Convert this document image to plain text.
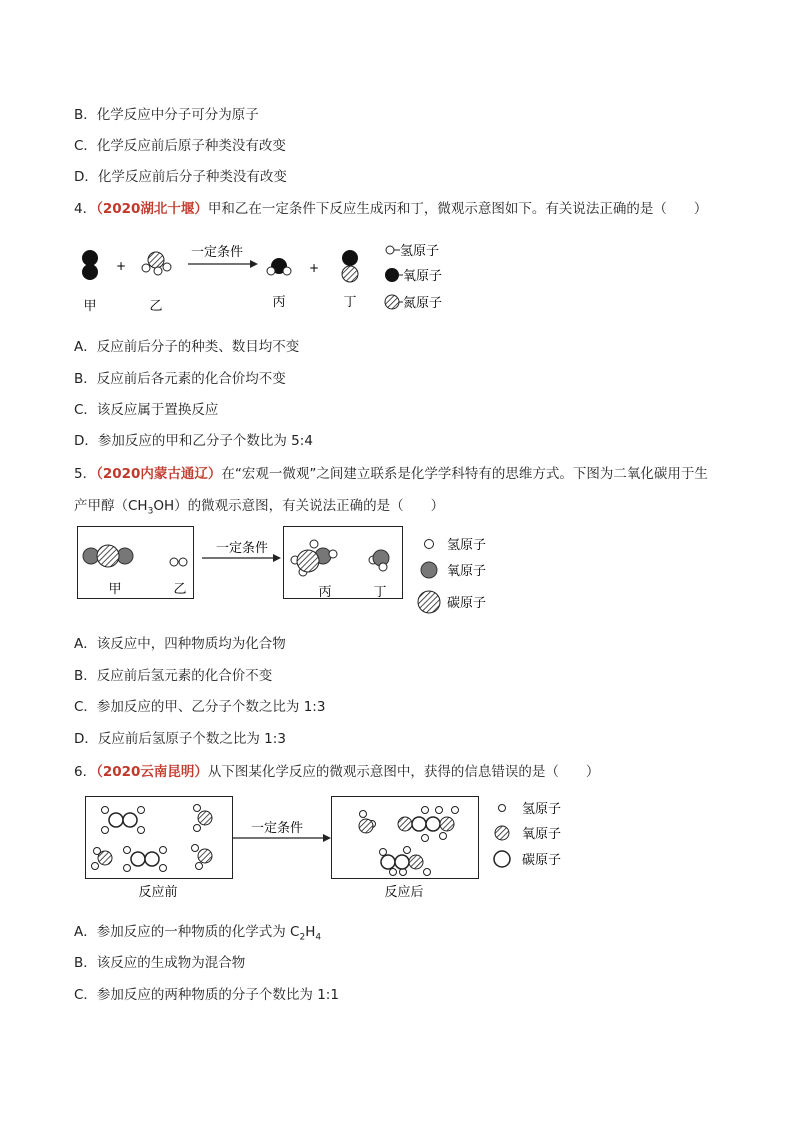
B．化学反应中分子可分为原子
C．化学反应前后原子种类没有改变
D．化学反应前后分子种类没有改变
4．（2020湖北十堰）甲和乙在一定条件下反应生成丙和丁，微观示意图如下。有关说法正确的是（　　）
甲
+
乙
一定条件
丙
+
丁
氢原子
氧原子
氮原子
A．反应前后分子的种类、数目均不变
B．反应前后各元素的化合价均不变
C．该反应属于置换反应
D．参加反应的甲和乙分子个数比为 5:4
5．（2020内蒙古通辽）在“宏观一微观”之间建立联系是化学学科特有的思维方式。下图为二氧化碳用于生
产甲醇$(CH_3OH)$的微观示意图，有关说法正确的是（　　）
甲	乙
一定条件
丙	丁
氢原子
氧原子
碳原子
A．该反应中，四种物质均为化合物
B．反应前后氢元素的化合价不变
C．参加反应的甲、乙分子个数之比为 1:3
D．反应前后氢原子个数之比为 1:3
6．（2020云南昆明）从下图某化学反应的微观示意图中，获得的信息错误的是（　　）
反应前
一定条件
反应后
氢原子
氧原子
碳原子
A．参加反应的一种物质的化学式为 $C_2H_4$
B．该反应的生成物为混合物
C．参加反应的两种物质的分子个数比为 1:1
